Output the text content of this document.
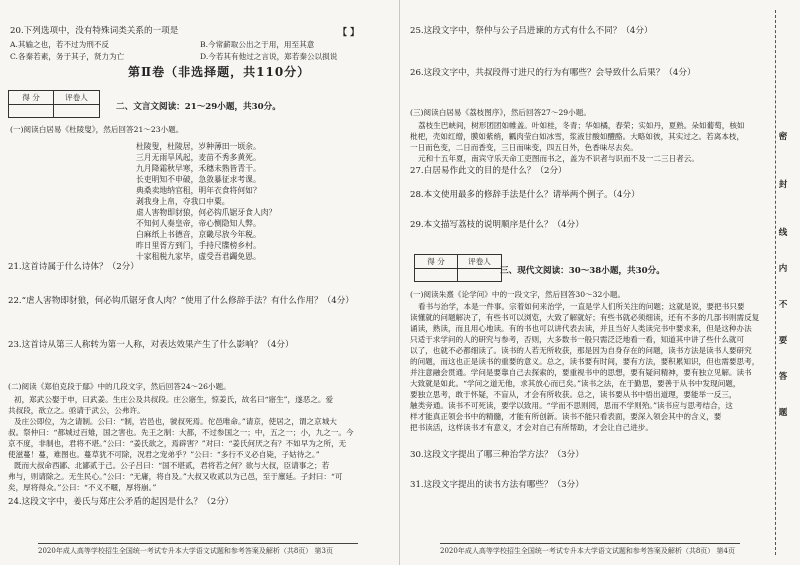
20.下列选项中，没有特殊词类关系的一项是	【 】
A.其输之也，若不过为刑不反	B.今常薪取公出之于用，用至其意
C.各秦若素，务于其子，贤力为亡	D.今若其有他过之言说，郑若秦公以损说
第Ⅱ卷（非选择题，共110分）
得 分	评卷人
二、文言文阅读：21～29小题，共30分。
(一)阅读白居易《杜陵叟》，然后回答21～23小题。
杜陵叟，杜陵居，岁种薄田一顷余。
三月无雨旱风起，麦苗不秀多黄死。
九月降霜秋早寒，禾穗未熟皆青干。
长吏明知不申破，急敛暴征求考课。
典桑卖地纳官租，明年衣食将何如？
剥我身上帛，夺我口中粟。
虐人害物即豺狼，何必钩爪锯牙食人肉？
不知何人奏皇帝，帝心恻隐知人弊。
白麻纸上书德音，京畿尽放今年税。
昨日里胥方到门，手持尺牒榜乡村。
十家租税九家毕，虚受吾君蠲免恩。
21.这首诗属于什么诗体？（2分）
22.“虐人害物即豺狼，何必钩爪锯牙食人肉？”使用了什么修辞手法？有什么作用？（4分）
23.这首诗从第三人称转为第一人称，对表达效果产生了什么影响？（4分）
(二)阅读《郑伯克段于鄢》中的几段文字，然后回答24～26小题。
初，郑武公娶于申，曰武姜。生庄公及共叔段。庄公寤生，惊姜氏，故名曰“寤生”，遂恶之。爱
共叔段，欲立之。亟请于武公，公弗许。
及庄公即位，为之请制。公曰：“制，岩邑也，虢叔死焉。佗邑唯命。”请京，使居之，谓之京城大
叔。祭仲曰：“都城过百雉，国之害也。先王之制：大都，不过参国之一；中，五之一；小，九之一。今
京不度，非制也，君将不堪。”公曰：“姜氏欲之，焉辟害？”对曰：“姜氏何厌之有？不如早为之所，无
使滋蔓！蔓，难图也。蔓草犹不可除，况君之宠弟乎？”公曰：“多行不义必自毙，子姑待之。”
既而大叔命西鄙、北鄙贰于己。公子吕曰：“国不堪贰，君将若之何？欲与大叔，臣请事之；若
弗与，则请除之。无生民心。”公曰：“无庸，将自及。”大叔又收贰以为己邑，至于廪延。子封曰：“可
矣，厚将得众。”公曰：“不义不暱，厚将崩。”
24.这段文字中，姜氏与郑庄公矛盾的起因是什么？（2分）
2020年成人高等学校招生全国统一考试专升本大学语文试题和参考答案及解析（共8页） 第3页
25.这段文字中，祭仲与公子吕进谏的方式有什么不同？（4分）
26.这段文字中，共叔段得寸进尺的行为有哪些？会导致什么后果？（4分）
(三)阅读白居易《荔枝图序》，然后回答27～29小题。
荔枝生巴峡间，树形团团如帷盖。叶如桂，冬青；华如橘，春荣；实如丹，夏熟。朵如葡萄，核如
枇杷，壳如红缯，膜如紫绡，瓤肉莹白如冰雪，浆液甘酸如醴酪。大略如彼，其实过之。若离本枝，
一日而色变，二日而香变，三日而味变，四五日外，色香味尽去矣。
元和十五年夏，南宾守乐天命工吏图而书之，盖为不识者与识而不及一二三日者云。
27.白居易作此文的目的是什么？（2分）
28.本文使用最多的修辞手法是什么？请举两个例子。（4分）
29.本文描写荔枝的说明顺序是什么？（4分）
得 分	评卷人
三、现代文阅读：30～38小题，共30分。
(一)阅读朱熹《论学问》中的一段文字，然后回答30～32小题。
看书与治学，本是一件事。宗着如何来治学，一直是学人们所关注的问题；这就是说，要把书只要
读懂就的问题解决了，有些书可以浏览，大致了解就好；有些书就必须细读，还有不多的几部书则需反复
诵读，熟读，而且用心地读。有的书也可以讲代表去读，并且当好人类读完书中要求来，但是这种办法
只适于求学问的人的研究与参考，否则，大多数书一般只需泛泛地看一看，知道其中讲了些什么就可
以了，也就不必都细读了。读书的人若无所收获，那是因为自身存在的问题，读书方法是读书人要研究
的问题，而这也正是读书的重要的意义。总之，读书要有时间，要有方法，要积累知识，但也需要思考，
并注意融会贯通。学问是要靠自己去探索的，要重视书中的思想，要有疑问精神，要有独立见解。读书
大致就是如此。“学问之道无他，求其放心而已矣。”读书之法，在于勤思，要善于从书中发现问题，
要独立思考，敢于怀疑，不盲从，才会有所收获。总之，读书要从书中悟出道理，要能举一反三，
触类旁通。读书不可死读，要学以致用。“学而不思则罔，思而不学则殆。”读书应与思考结合，这
样才能真正领会书中的精髓，才能有所创新。读书不能只看表面，要深入领会其中的含义，要
把书读活，这样读书才有意义，才会对自己有所帮助，才会让自己进步。
30.这段文字提出了哪三种治学方法？（3分）
31.这段文字提出的读书方法有哪些？（3分）
2020年成人高等学校招生全国统一考试专升本大学语文试题和参考答案及解析（共8页） 第4页
密
封
线
内
不
要
答
题
